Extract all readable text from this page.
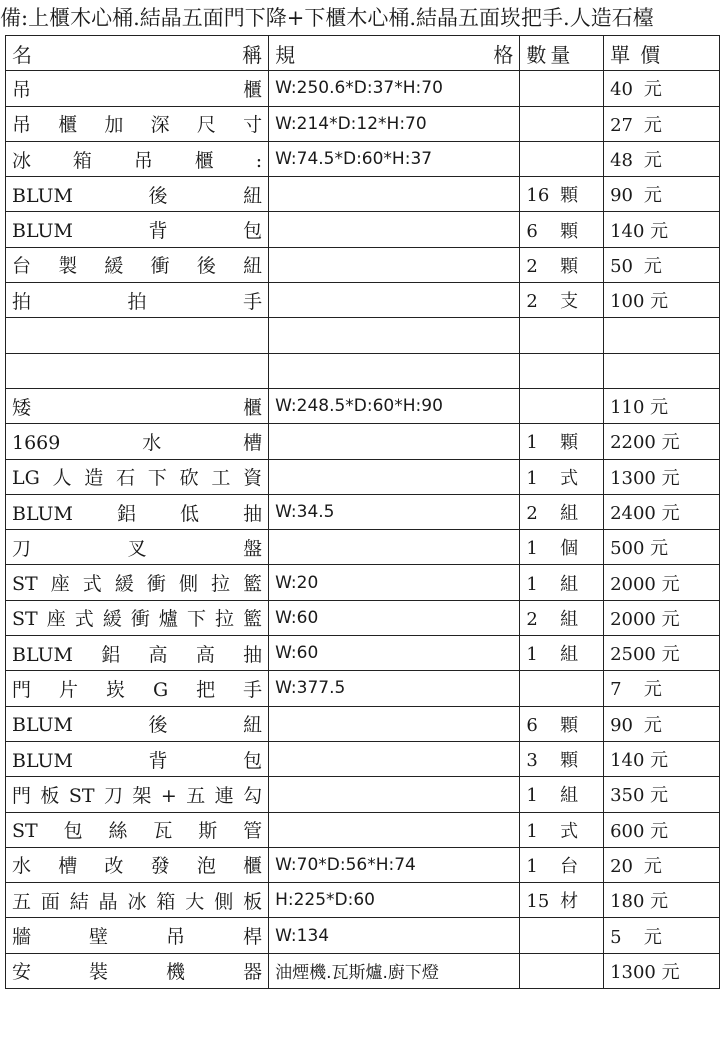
備:上櫃木心桶.結晶五面門下降+下櫃木心桶.結晶五面崁把手.人造石檯
名稱	規格	數量	單價
吊櫃	W:250.6*D:37*H:70		40 元
吊櫃加深尺寸	W:214*D:12*H:70		27 元
冰箱吊櫃:	W:74.5*D:60*H:37		48 元
BLUM後紐		16 顆	90 元
BLUM背包		6 顆	140 元
台製緩衝後紐		2 顆	50 元
拍拍手		2 支	100 元

矮櫃	W:248.5*D:60*H:90		110 元
1669水槽		1 顆	2200 元
LG人造石下砍工資		1 式	1300 元
BLUM鋁低抽	W:34.5	2 組	2400 元
刀叉盤		1 個	500 元
ST座式緩衝側拉籃	W:20	1 組	2000 元
ST座式緩衝爐下拉籃	W:60	2 組	2000 元
BLUM鋁高高抽	W:60	1 組	2500 元
門片崁G把手	W:377.5		7 元
BLUM後紐		6 顆	90 元
BLUM背包		3 顆	140 元
門板ST刀架+五連勾		1 組	350 元
ST包絲瓦斯管		1 式	600 元
水槽改發泡櫃	W:70*D:56*H:74	1 台	20 元
五面結晶冰箱大側板	H:225*D:60	15 材	180 元
牆壁吊桿	W:134		5 元
安裝機器	油煙機.瓦斯爐.廚下燈		1300 元
